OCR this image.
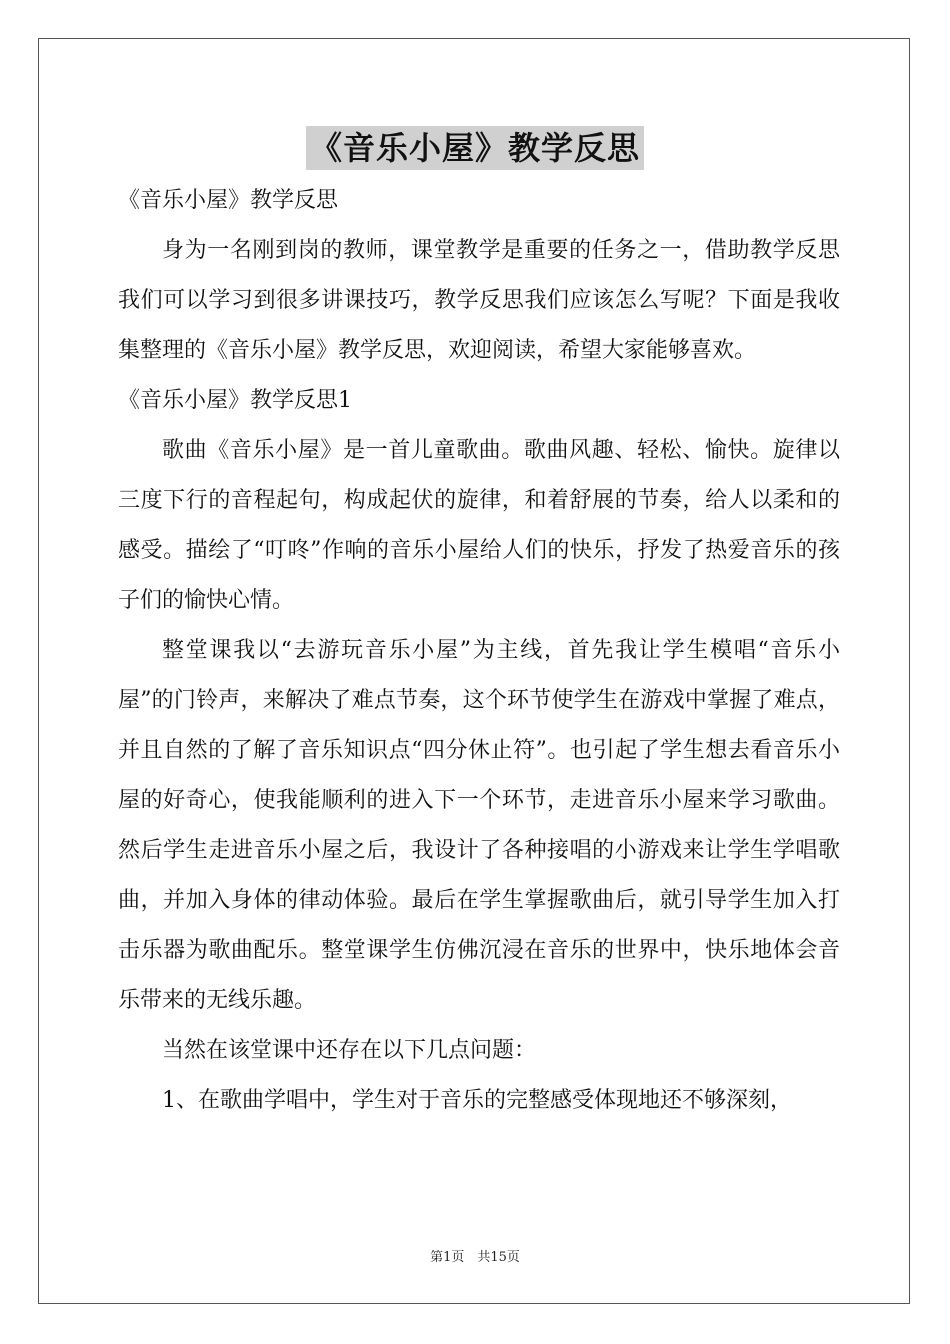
《音乐小屋》教学反思

《音乐小屋》教学反思

身为一名刚到岗的教师，课堂教学是重要的任务之一，借助教学反思我们可以学习到很多讲课技巧，教学反思我们应该怎么写呢？下面是我收集整理的《音乐小屋》教学反思，欢迎阅读，希望大家能够喜欢。

《音乐小屋》教学反思1

歌曲《音乐小屋》是一首儿童歌曲。歌曲风趣、轻松、愉快。旋律以三度下行的音程起句，构成起伏的旋律，和着舒展的节奏，给人以柔和的感受。描绘了“叮咚”作响的音乐小屋给人们的快乐，抒发了热爱音乐的孩子们的愉快心情。

整堂课我以“去游玩音乐小屋”为主线，首先我让学生模唱“音乐小屋”的门铃声，来解决了难点节奏，这个环节使学生在游戏中掌握了难点，并且自然的了解了音乐知识点“四分休止符”。也引起了学生想去看音乐小屋的好奇心，使我能顺利的进入下一个环节，走进音乐小屋来学习歌曲。然后学生走进音乐小屋之后，我设计了各种接唱的小游戏来让学生学唱歌曲，并加入身体的律动体验。最后在学生掌握歌曲后，就引导学生加入打击乐器为歌曲配乐。整堂课学生仿佛沉浸在音乐的世界中，快乐地体会音乐带来的无线乐趣。

当然在该堂课中还存在以下几点问题：

1、在歌曲学唱中，学生对于音乐的完整感受体现地还不够深刻，

第1页　共15页
